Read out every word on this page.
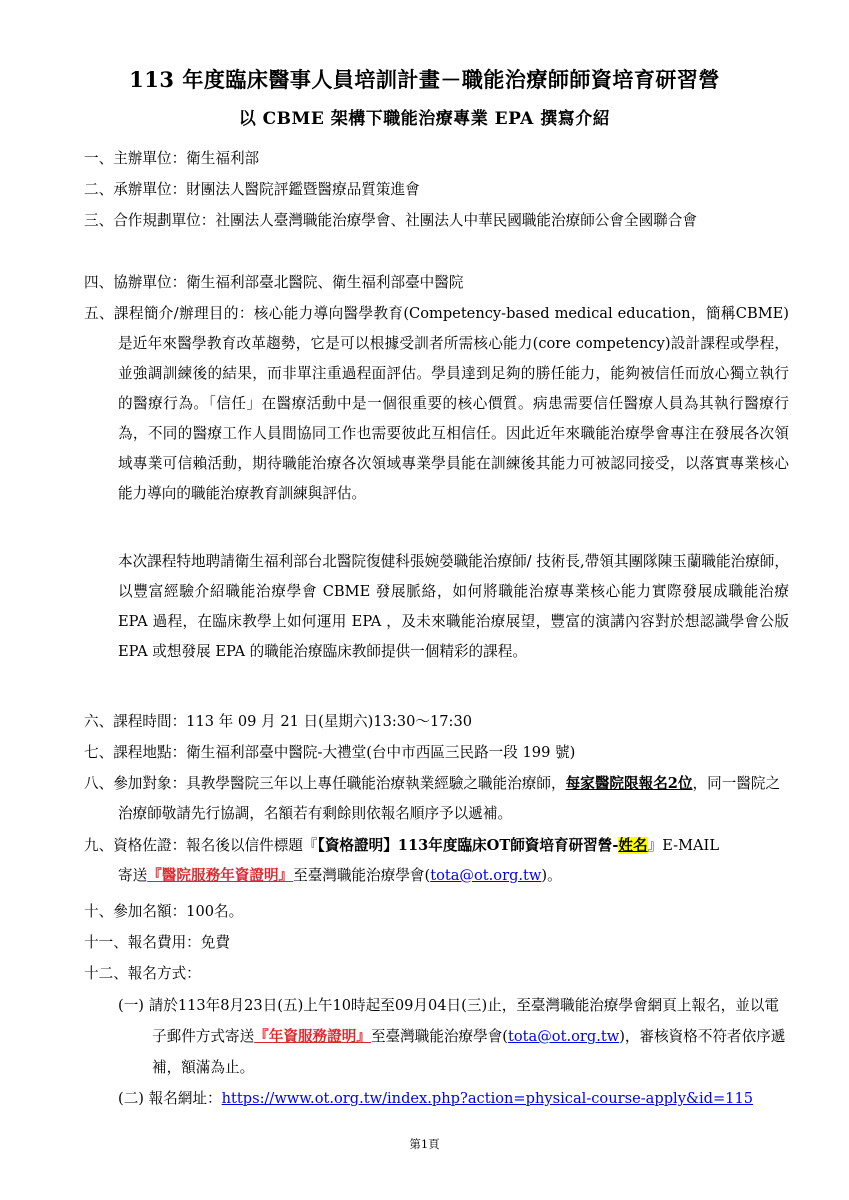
113 年度臨床醫事人員培訓計畫－職能治療師師資培育研習營
以 CBME 架構下職能治療專業 EPA 撰寫介紹
一、主辦單位：衛生福利部
二、承辦單位：財團法人醫院評鑑暨醫療品質策進會
三、合作規劃單位：社團法人臺灣職能治療學會、社團法人中華民國職能治療師公會全國聯合會
四、協辦單位：衛生福利部臺北醫院、衛生福利部臺中醫院
五、課程簡介/辦理目的：核心能力導向醫學教育(Competency-based medical education，簡稱CBME)是近年來醫學教育改革趨勢，它是可以根據受訓者所需核心能力(core competency)設計課程或學程，並強調訓練後的結果，而非單注重過程面評估。學員達到足夠的勝任能力，能夠被信任而放心獨立執行的醫療行為。「信任」在醫療活動中是一個很重要的核心價質。病患需要信任醫療人員為其執行醫療行為，不同的醫療工作人員間協同工作也需要彼此互相信任。因此近年來職能治療學會專注在發展各次領域專業可信賴活動，期待職能治療各次領域專業學員能在訓練後其能力可被認同接受，以落實專業核心能力導向的職能治療教育訓練與評估。
本次課程特地聘請衛生福利部台北醫院復健科張婉嫈職能治療師/ 技術長,帶領其團隊陳玉蘭職能治療師，以豐富經驗介紹職能治療學會 CBME 發展脈絡，如何將職能治療專業核心能力實際發展成職能治療 EPA 過程，在臨床教學上如何運用 EPA ，及未來職能治療展望，豐富的演講內容對於想認識學會公版 EPA 或想發展 EPA 的職能治療臨床教師提供一個精彩的課程。
六、課程時間：113 年 09 月 21 日(星期六)13:30～17:30
七、課程地點：衛生福利部臺中醫院-大禮堂(台中市西區三民路一段 199 號)
八、參加對象：具教學醫院三年以上專任職能治療執業經驗之職能治療師，每家醫院限報名2位，同一醫院之治療師敬請先行協調，名額若有剩餘則依報名順序予以遞補。
九、資格佐證：報名後以信件標題『【資格證明】113年度臨床OT師資培育研習營-姓名』E-MAIL
寄送『醫院服務年資證明』至臺灣職能治療學會(tota@ot.org.tw)。
十、參加名額：100名。
十一、報名費用：免費
十二、報名方式：
(一) 請於113年8月23日(五)上午10時起至09月04日(三)止，至臺灣職能治療學會網頁上報名，並以電子郵件方式寄送『年資服務證明』至臺灣職能治療學會(tota@ot.org.tw)，審核資格不符者依序遞補，額滿為止。
(二) 報名網址：https://www.ot.org.tw/index.php?action=physical-course-apply&id=115
第1頁
